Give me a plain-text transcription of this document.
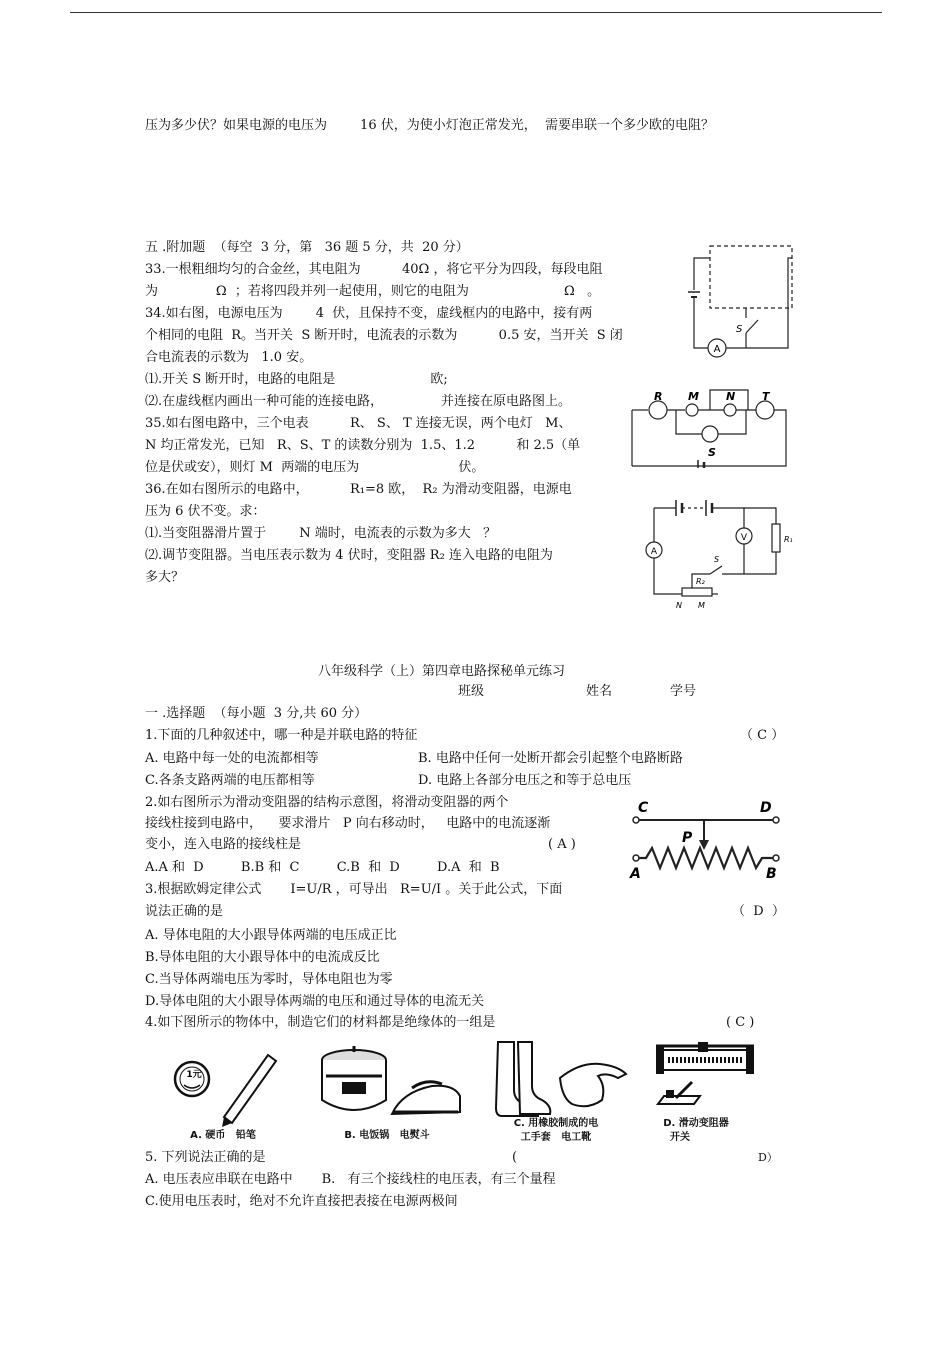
压为多少伏？如果电源的电压为        16 伏，为使小灯泡正常发光，  需要串联一个多少欧的电阻？
五 .附加题  （每空  3 分，第   36 题 5 分，共  20 分）
33.一根粗细均匀的合金丝，其电阻为          40Ω ，将它平分为四段，每段电阻
为              Ω  ；若将四段并列一起使用，则它的电阻为                       Ω   。
34.如右图，电源电压为        4  伏，且保持不变，虚线框内的电路中，接有两
个相同的电阻  R。当开关  S 断开时，电流表的示数为          0.5 安，当开关  S 闭
合电流表的示数为   1.0 安。
⑴.开关 S 断开时，电路的电阻是                       欧;
⑵.在虚线框内画出一种可能的连接电路，              并连接在原电路图上。
35.如右图电路中，三个电表          R、 S、 T 连接无误，两个电灯   M、
N 均正常发光，已知   R、S、T 的读数分别为  1.5、1.2          和 2.5（单
位是伏或安），则灯 M  两端的电压为                        伏。
36.在如右图所示的电路中，          R₁=8 欧，  R₂ 为滑动变阻器，电源电
压为 6 伏不变。求：
⑴.当变阻器滑片置于        N 端时，电流表的示数为多大   ？
⑵.调节变阻器。当电压表示数为 4 伏时，变阻器 R₂ 连入电路的电阻为
多大？
A
S
R M N T
S
A
N M
R₂
S
R₁
V
八年级科学（上）第四章电路探秘单元练习
班级	姓名	学号
一 .选择题  （每小题  3 分,共 60 分）
1.下面的几种叙述中，哪一种是并联电路的特征	（ C ）
A. 电路中每一处的电流都相等	B. 电路中任何一处断开都会引起整个电路断路
C.各条支路两端的电压都相等	D. 电路上各部分电压之和等于总电压
2.如右图所示为滑动变阻器的结构示意图，将滑动变阻器的两个
接线柱接到电路中，    要求滑片   P 向右移动时，   电路中的电流逐渐
变小，连入电路的接线柱是	( A )
A.A 和  D         B.B 和  C         C.B  和  D         D.A  和  B
C	D
P
A	B
3.根据欧姆定律公式       I=U/R ，可导出   R=U/I 。关于此公式，下面
说法正确的是	（  D  ）
A. 导体电阻的大小跟导体两端的电压成正比
B.导体电阻的大小跟导体中的电流成反比
C.当导体两端电压为零时，导体电阻也为零
D.导体电阻的大小跟导体两端的电压和通过导体的电流无关
4.如下图所示的物体中，制造它们的材料都是绝缘体的一组是	( C )
1元
A. 硬币   铅笔	B. 电饭锅   电熨斗
C. 用橡胶制成的电
工手套   电工靴
D. 滑动变阻器
开关
5. 下列说法正确的是	(	D）
A. 电压表应串联在电路中       B.   有三个接线柱的电压表，有三个量程
C.使用电压表时，绝对不允许直接把表接在电源两极间
